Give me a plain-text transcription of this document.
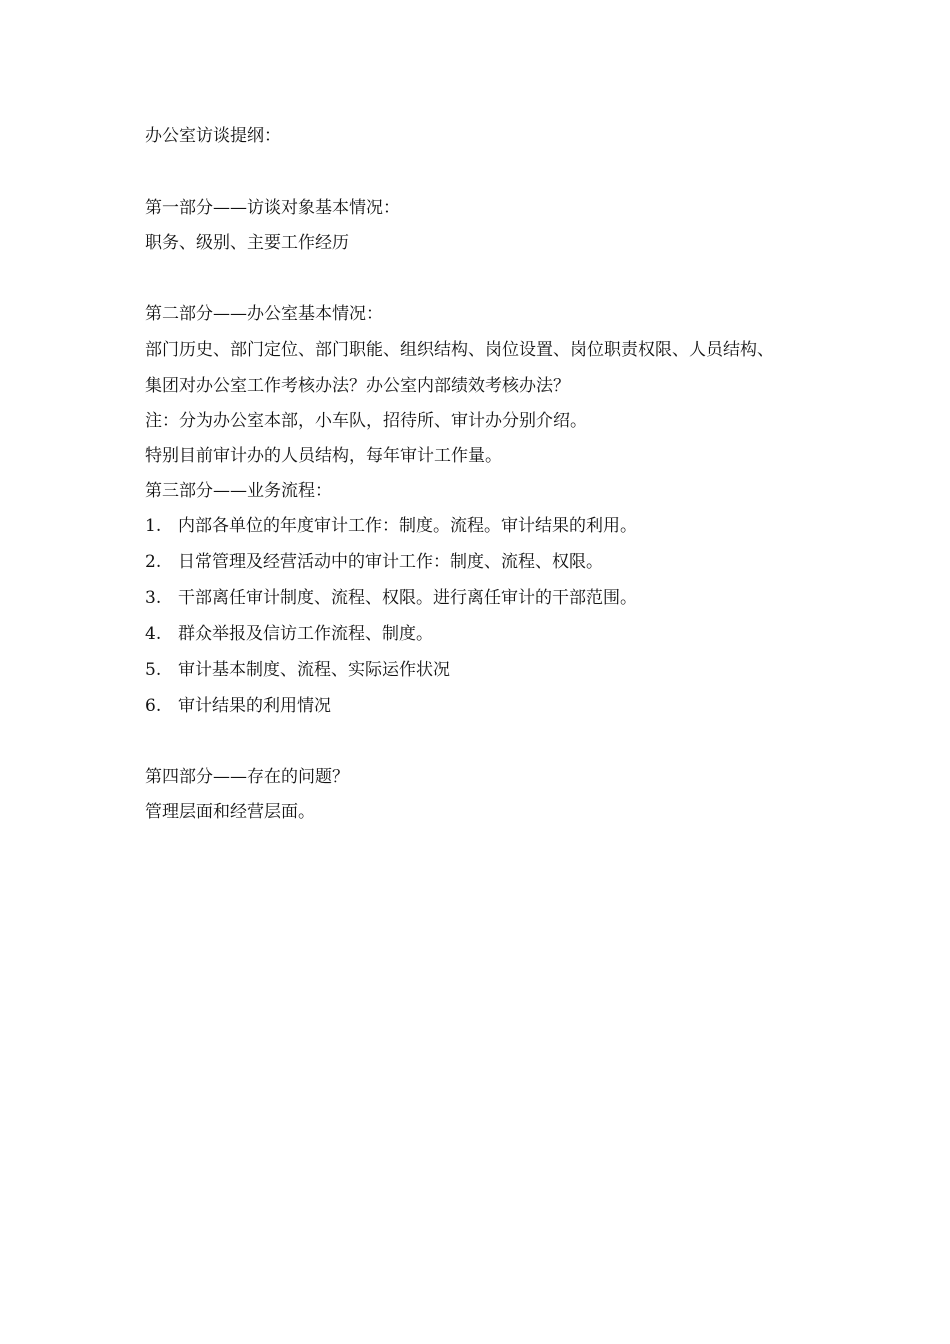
办公室访谈提纲：

第一部分——访谈对象基本情况：

职务、级别、主要工作经历

第二部分——办公室基本情况：

部门历史、部门定位、部门职能、组织结构、岗位设置、岗位职责权限、人员结构、

集团对办公室工作考核办法？办公室内部绩效考核办法？

注：分为办公室本部，小车队，招待所、审计办分别介绍。

特别目前审计办的人员结构，每年审计工作量。

第三部分——业务流程：

1. 内部各单位的年度审计工作：制度。流程。审计结果的利用。
2. 日常管理及经营活动中的审计工作：制度、流程、权限。
3. 干部离任审计制度、流程、权限。进行离任审计的干部范围。
4. 群众举报及信访工作流程、制度。
5. 审计基本制度、流程、实际运作状况
6. 审计结果的利用情况

第四部分——存在的问题？

管理层面和经营层面。
